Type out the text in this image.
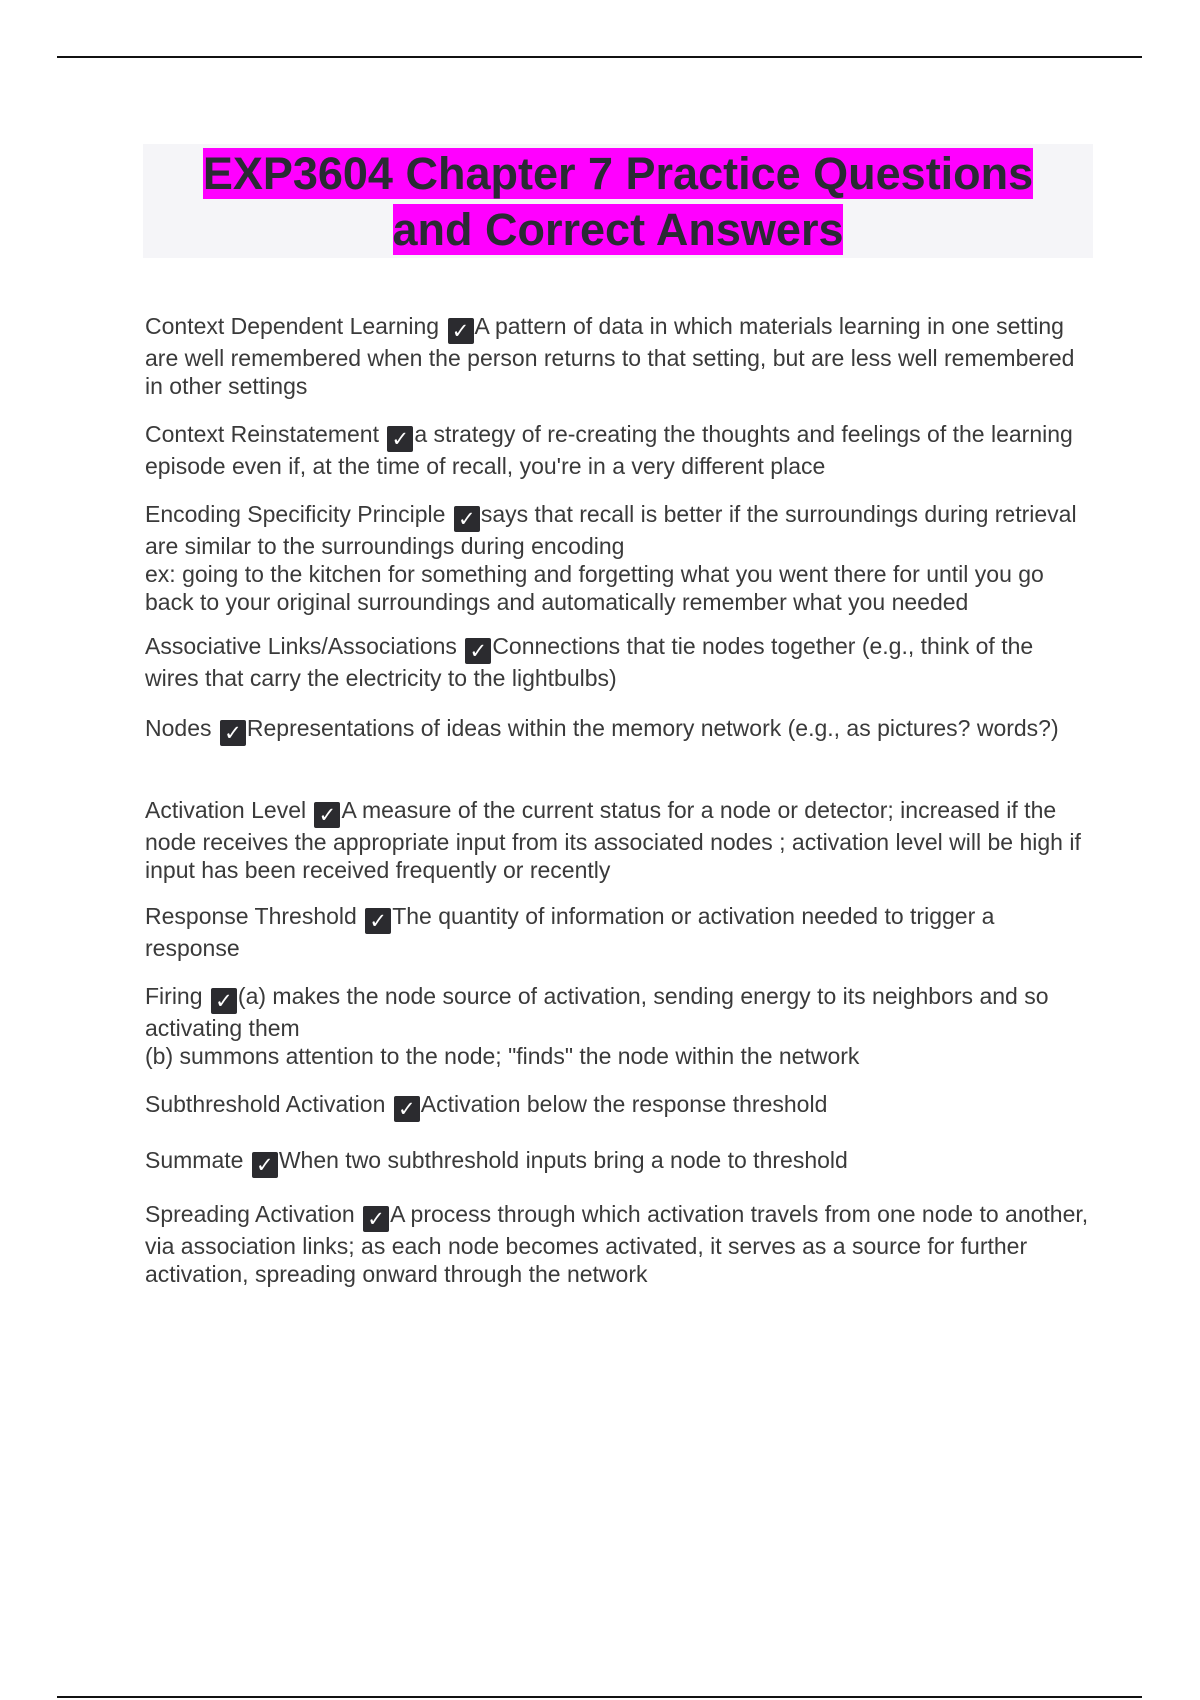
EXP3604 Chapter 7 Practice Questions
and Correct Answers

Context Dependent Learning ✓ A pattern of data in which materials learning in one setting are well remembered when the person returns to that setting, but are less well remembered in other settings

Context Reinstatement ✓ a strategy of re-creating the thoughts and feelings of the learning episode even if, at the time of recall, you're in a very different place

Encoding Specificity Principle ✓ says that recall is better if the surroundings during retrieval are similar to the surroundings during encoding
ex: going to the kitchen for something and forgetting what you went there for until you go back to your original surroundings and automatically remember what you needed

Associative Links/Associations ✓ Connections that tie nodes together (e.g., think of the wires that carry the electricity to the lightbulbs)

Nodes ✓ Representations of ideas within the memory network (e.g., as pictures? words?)

Activation Level ✓ A measure of the current status for a node or detector; increased if the node receives the appropriate input from its associated nodes ; activation level will be high if input has been received frequently or recently

Response Threshold ✓ The quantity of information or activation needed to trigger a response

Firing ✓ (a) makes the node source of activation, sending energy to its neighbors and so activating them
(b) summons attention to the node; "finds" the node within the network

Subthreshold Activation ✓ Activation below the response threshold

Summate ✓ When two subthreshold inputs bring a node to threshold

Spreading Activation ✓ A process through which activation travels from one node to another, via association links; as each node becomes activated, it serves as a source for further activation, spreading onward through the network
